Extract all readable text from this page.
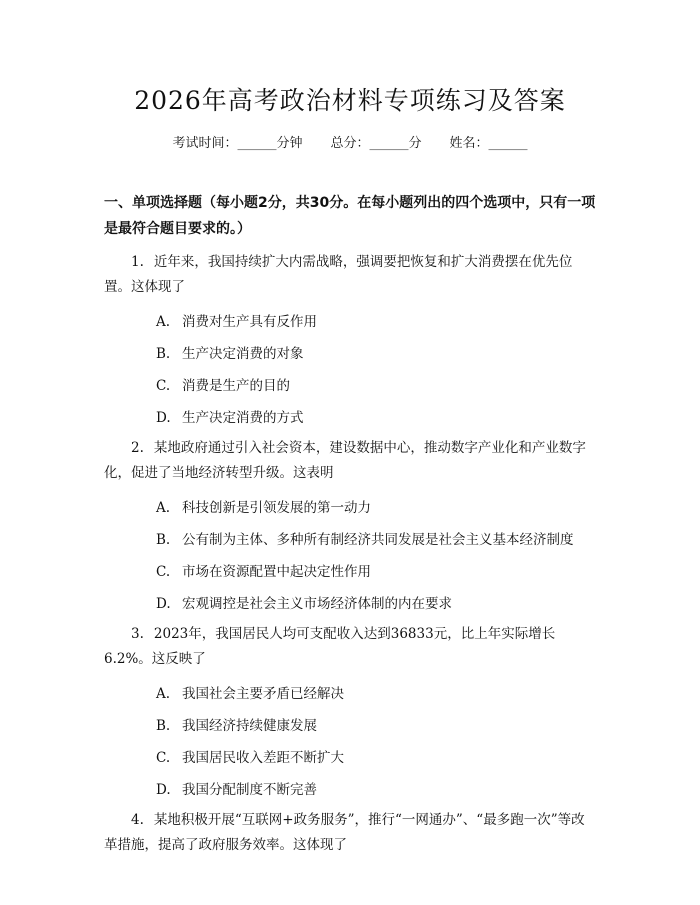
2026年高考政治材料专项练习及答案
考试时间：______分钟 总分：______分 姓名：______
一、单项选择题（每小题2分，共30分。在每小题列出的四个选项中，只有一项是最符合题目要求的。）
1. 近年来，我国持续扩大内需战略，强调要把恢复和扩大消费摆在优先位置。这体现了
A. 消费对生产具有反作用
B. 生产决定消费的对象
C. 消费是生产的目的
D. 生产决定消费的方式
2. 某地政府通过引入社会资本，建设数据中心，推动数字产业化和产业数字化，促进了当地经济转型升级。这表明
A. 科技创新是引领发展的第一动力
B. 公有制为主体、多种所有制经济共同发展是社会主义基本经济制度
C. 市场在资源配置中起决定性作用
D. 宏观调控是社会主义市场经济体制的内在要求
3. 2023年，我国居民人均可支配收入达到36833元，比上年实际增长6.2%。这反映了
A. 我国社会主要矛盾已经解决
B. 我国经济持续健康发展
C. 我国居民收入差距不断扩大
D. 我国分配制度不断完善
4. 某地积极开展“互联网+政务服务”，推行“一网通办”、“最多跑一次”等改革措施，提高了政府服务效率。这体现了
